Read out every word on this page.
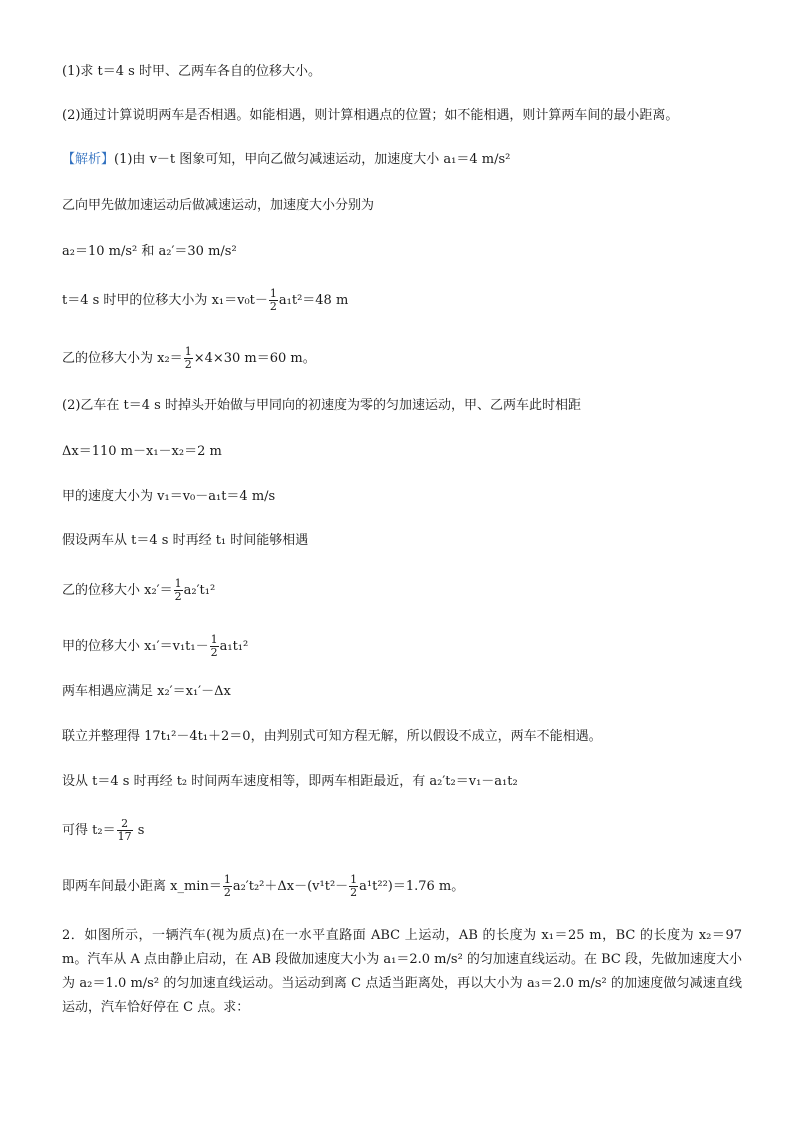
(1)求 t＝4 s 时甲、乙两车各自的位移大小。
(2)通过计算说明两车是否相遇。如能相遇，则计算相遇点的位置；如不能相遇，则计算两车间的最小距离。
【解析】(1)由 v－t 图象可知，甲向乙做匀减速运动，加速度大小 a₁＝4 m/s²
乙向甲先做加速运动后做减速运动，加速度大小分别为
a₂＝10 m/s² 和 a₂′＝30 m/s²
t＝4 s 时甲的位移大小为 $x_1=v_0t- \frac{1}{2} a_1t^2=48$ m
乙的位移大小为 $x_2= \frac{1}{2} \times 4\times 30$ m＝60 m。
(2)乙车在 t＝4 s 时掉头开始做与甲同向的初速度为零的匀加速运动，甲、乙两车此时相距
Δx＝110 m－x₁－x₂＝2 m
甲的速度大小为 v₁＝v₀－a₁t＝4 m/s
假设两车从 t＝4 s 时再经 t₁ 时间能够相遇
乙的位移大小 $x_2'= \frac{1}{2} a_2't_1^2$
甲的位移大小 $x_1'=v_1t_1- \frac{1}{2} a_1t_1^2$
两车相遇应满足 x₂′＝x₁′－Δx
联立并整理得 17t₁²－4t₁＋2＝0，由判别式可知方程无解，所以假设不成立，两车不能相遇。
设从 t＝4 s 时再经 t₂ 时间两车速度相等，即两车相距最近，有 a₂′t₂＝v₁－a₁t₂
可得 $t_2= \frac{2}{17}$ s
即两车间最小距离 x_min＝ $\frac{1}{2} a_2't_2^2+\Delta x-(v^1t^2- \frac{1}{2} a^1t^{22})=1.76$ m。
2．如图所示，一辆汽车(视为质点)在一水平直路面 ABC 上运动，AB 的长度为 x₁＝25 m，BC 的长度为 x₂＝97 m。汽车从 A 点由静止启动，在 AB 段做加速度大小为 a₁＝2.0 m/s² 的匀加速直线运动。在 BC 段，先做加速度大小为 a₂＝1.0 m/s² 的匀加速直线运动。当运动到离 C 点适当距离处，再以大小为 a₃＝2.0 m/s² 的加速度做匀减速直线运动，汽车恰好停在 C 点。求：
